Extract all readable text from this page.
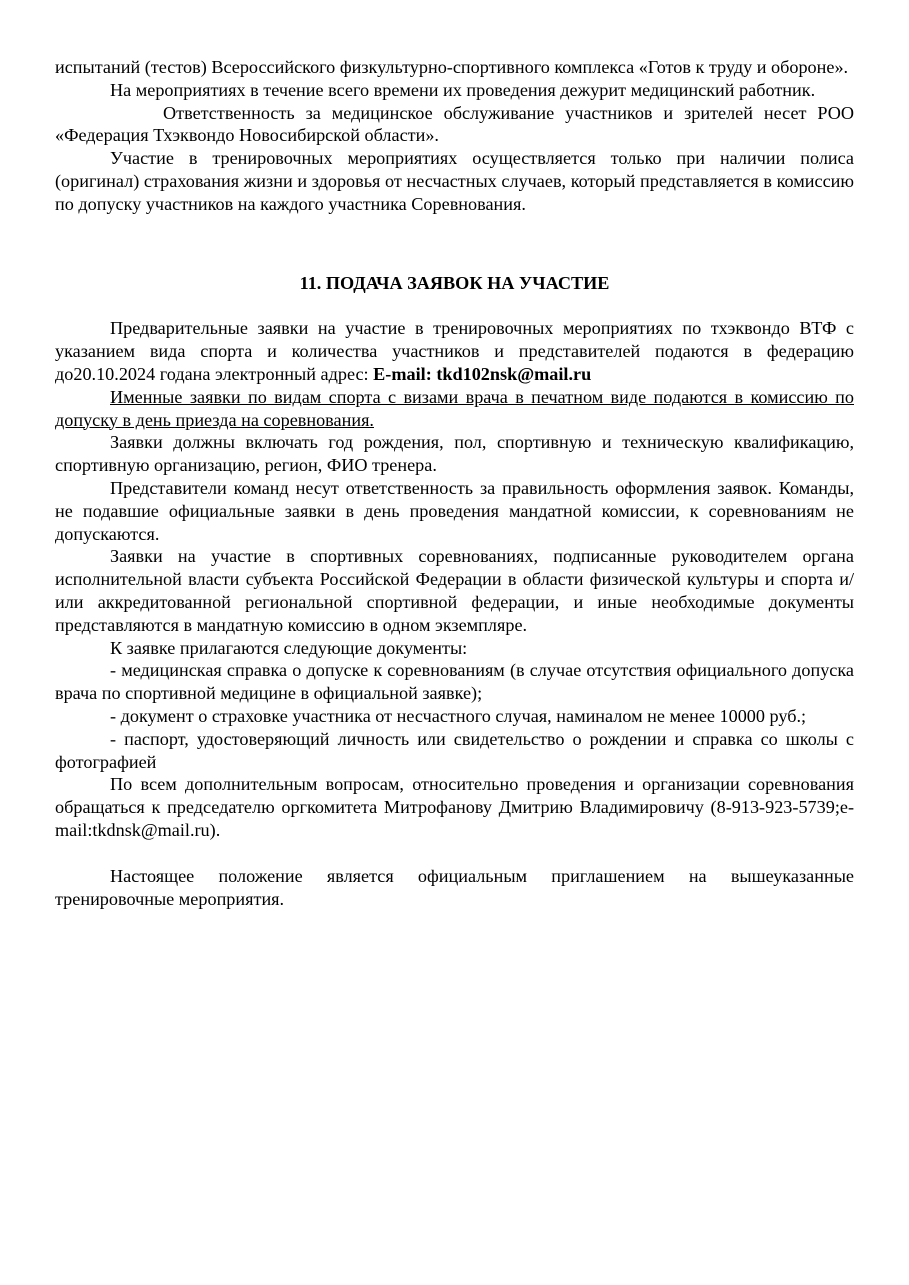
испытаний (тестов) Всероссийского физкультурно-спортивного комплекса «Готов к труду и обороне».

На мероприятиях в течение всего времени их проведения дежурит медицинский работник.

Ответственность за медицинское обслуживание участников и зрителей несет РОО «Федерация Тхэквондо Новосибирской области».

Участие в тренировочных мероприятиях осуществляется только при наличии полиса (оригинал) страхования жизни и здоровья от несчастных случаев, который представляется в комиссию по допуску участников на каждого участника Соревнования.

11. ПОДАЧА ЗАЯВОК НА УЧАСТИЕ

Предварительные заявки на участие в тренировочных мероприятиях по тхэквондо ВТФ с указанием вида спорта и количества участников и представителей подаются в федерацию до20.10.2024 годана электронный адрес: E-mail: tkd102nsk@mail.ru

Именные заявки по видам спорта с визами врача в печатном виде подаются в комиссию по допуску в день приезда на соревнования.

Заявки должны включать год рождения, пол, спортивную и техническую квалификацию, спортивную организацию, регион, ФИО тренера.

Представители команд несут ответственность за правильность оформления заявок. Команды, не подавшие официальные заявки в день проведения мандатной комиссии, к соревнованиям не допускаются.

Заявки на участие в спортивных соревнованиях, подписанные руководителем органа исполнительной власти субъекта Российской Федерации в области физической культуры и спорта и/или аккредитованной региональной спортивной федерации, и иные необходимые документы представляются в мандатную комиссию в одном экземпляре.

К заявке прилагаются следующие документы:

- медицинская справка о допуске к соревнованиям (в случае отсутствия официального допуска врача по спортивной медицине в официальной заявке);

- документ о страховке участника от несчастного случая, наминалом не менее 10000 руб.;

- паспорт, удостоверяющий личность или свидетельство о рождении и справка со школы с фотографией

По всем дополнительным вопросам, относительно проведения и организации соревнования обращаться к председателю оргкомитета Митрофанову Дмитрию Владимировичу (8-913-923-5739;e-mail:tkdnsk@mail.ru).

Настоящее положение является официальным приглашением на вышеуказанные тренировочные мероприятия.
